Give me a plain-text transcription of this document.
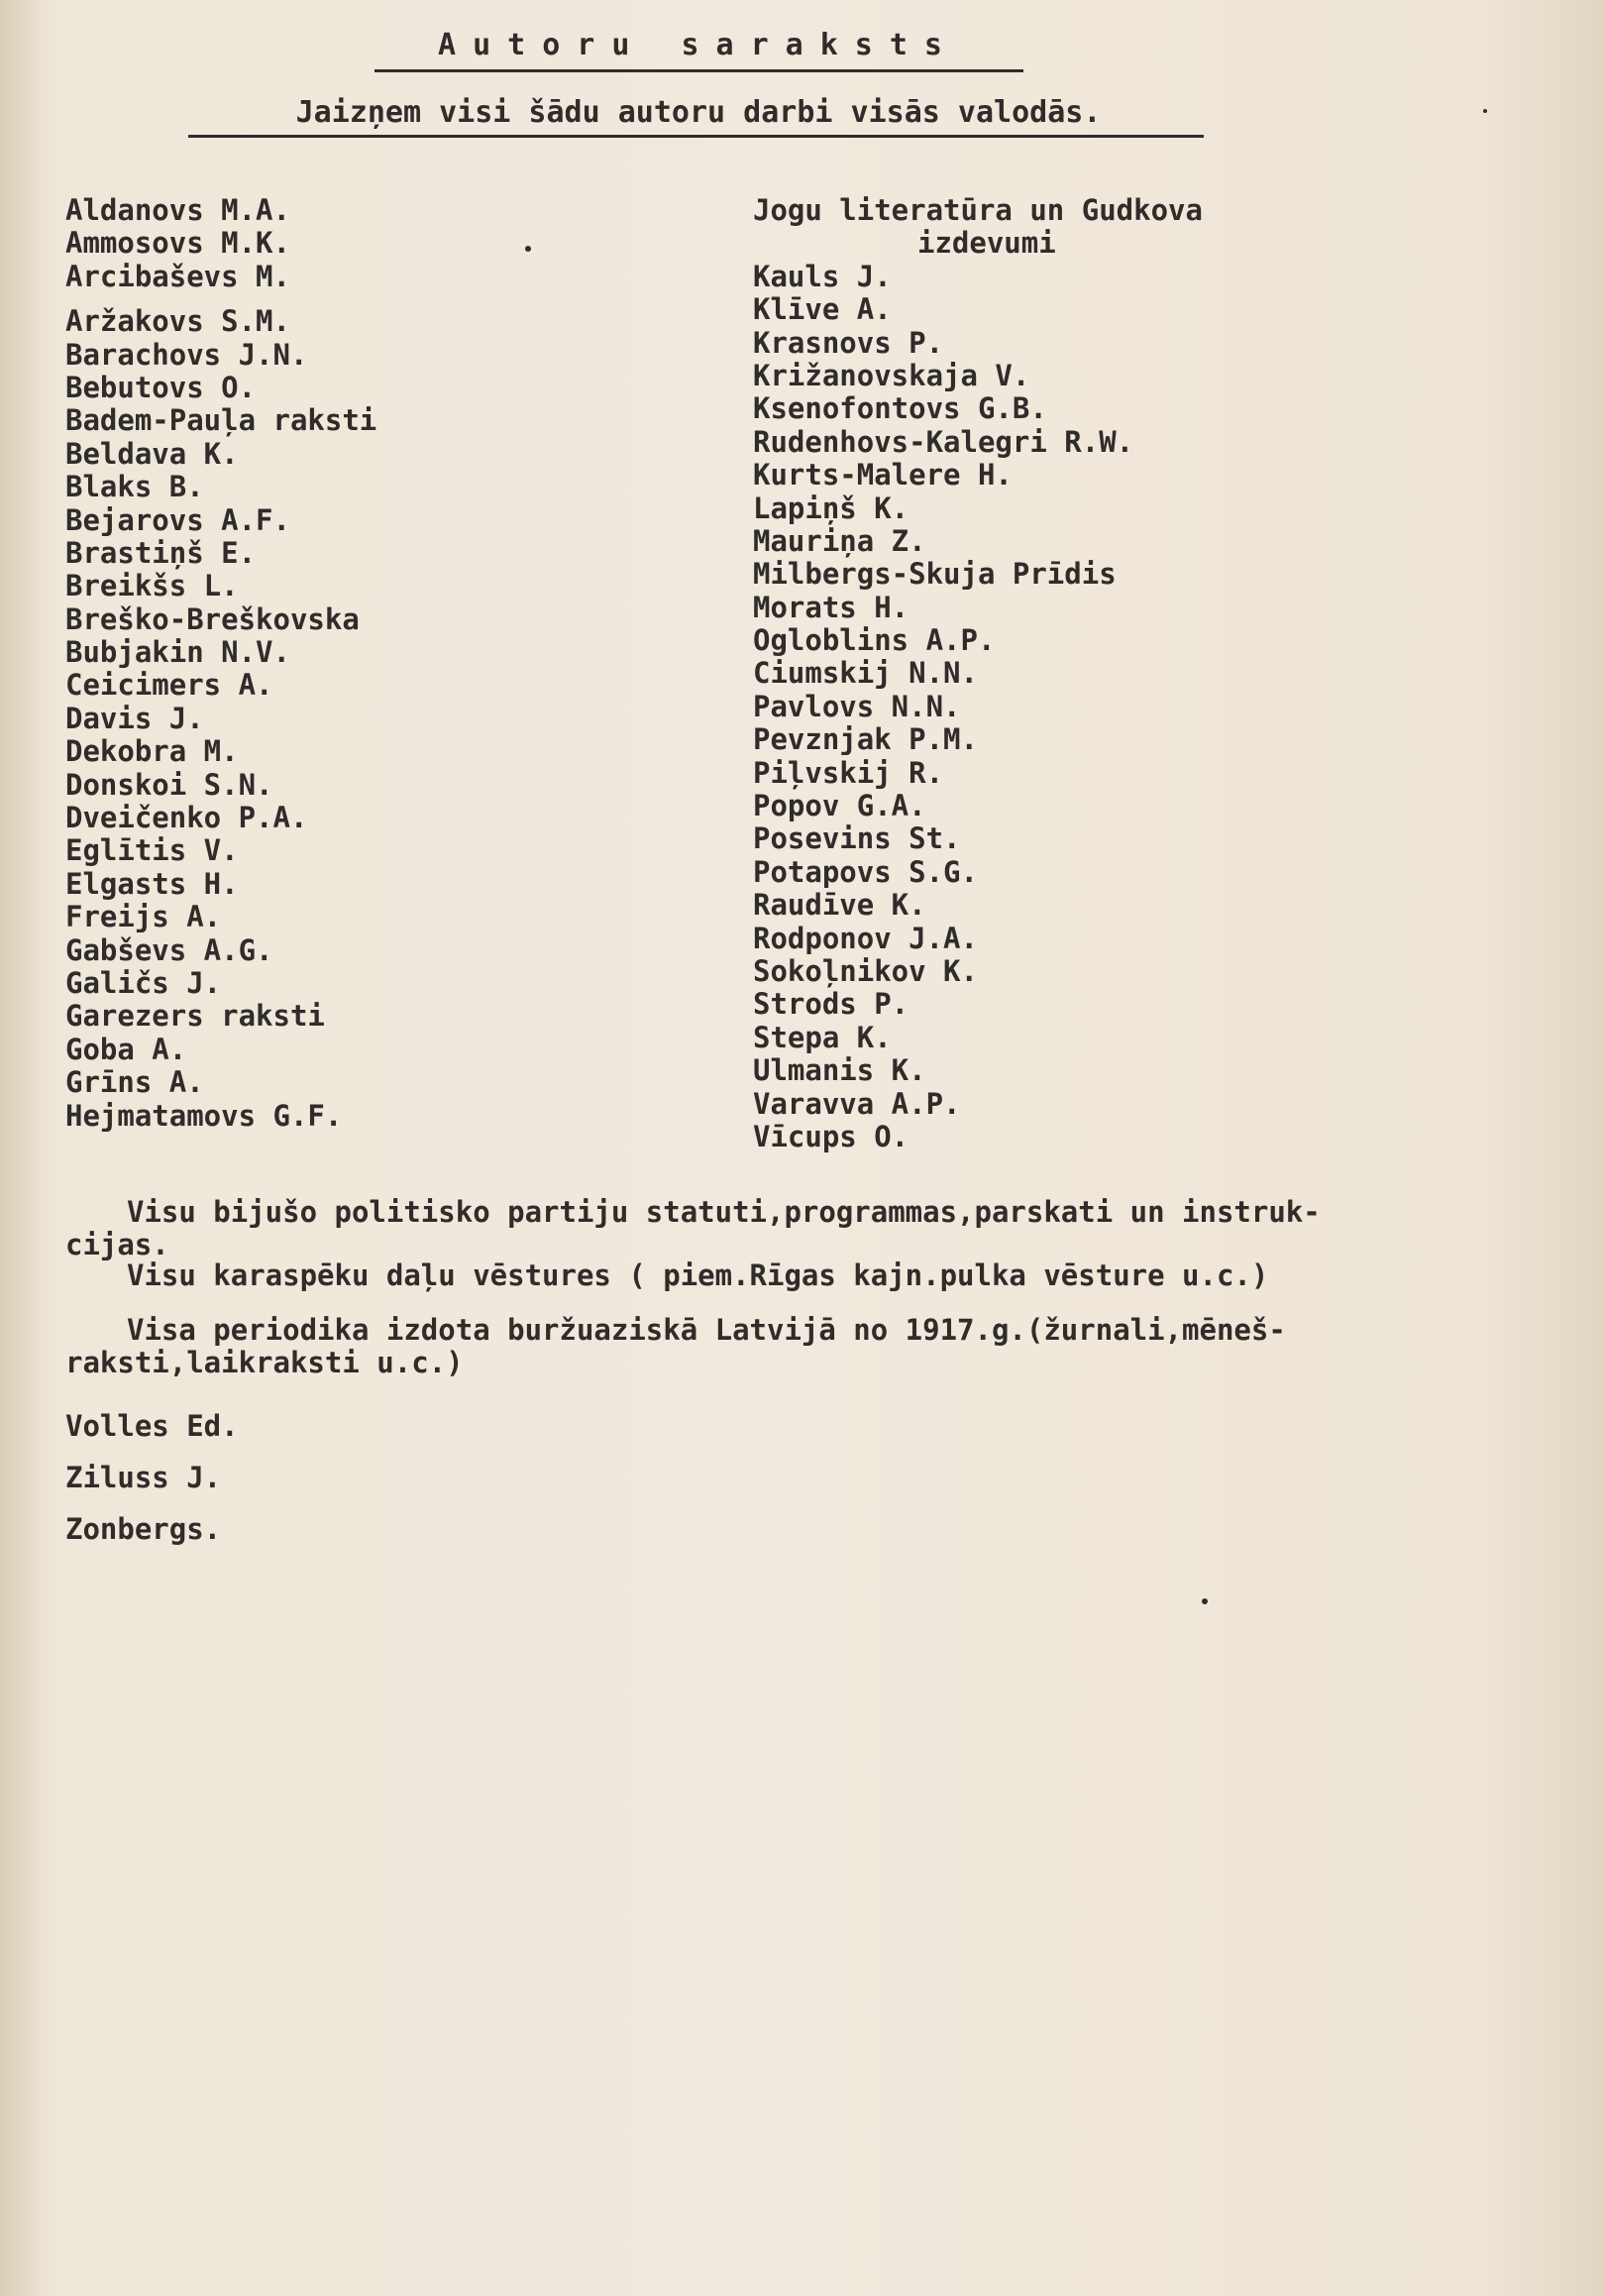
Autoru saraksts
Jaizņem visi šādu autoru darbi visās valodās.
Aldanovs M.A.
Ammosovs M.K.
Arcibaševs M.
Aržakovs S.M.
Barachovs J.N.
Bebutovs O.
Badem-Pauļa raksti
Beldava K.
Blaks B.
Bejarovs A.F.
Brastiņš E.
Breikšs L.
Breško-Breškovska
Bubjakin N.V.
Ceicimers A.
Davis J.
Dekobra M.
Donskoi S.N.
Dveičenko P.A.
Eglītis V.
Elgasts H.
Freijs A.
Gabševs A.G.
Galičs J.
Garezers raksti
Goba A.
Grīns A.
Hejmatamovs G.F.
Jogu literatūra un Gudkova
izdevumi
Kauls J.
Klīve A.
Krasnovs P.
Križanovskaja V.
Ksenofontovs G.B.
Rudenhovs-Kalegri R.W.
Kurts-Malere H.
Lapiņš K.
Mauriņa Z.
Milbergs-Skuja Prīdis
Morats H.
Ogloblins A.P.
Ciumskij N.N.
Pavlovs N.N.
Pevznjak P.M.
Piļvskij R.
Popov G.A.
Posevins St.
Potapovs S.G.
Raudīve K.
Rodponov J.A.
Sokoļnikov K.
Strods P.
Stepa K.
Ulmanis K.
Varavva A.P.
Vīcups O.
Visu bijušo politisko partiju statuti,programmas,parskati un instruk-
cijas.
Visu karaspēku daļu vēstures ( piem.Rīgas kajn.pulka vēsture u.c.)
Visa periodika izdota buržuaziskā Latvijā no 1917.g.(žurnali,mēneš-
raksti,laikraksti u.c.)
Volles Ed.
Ziluss J.
Zonbergs.
